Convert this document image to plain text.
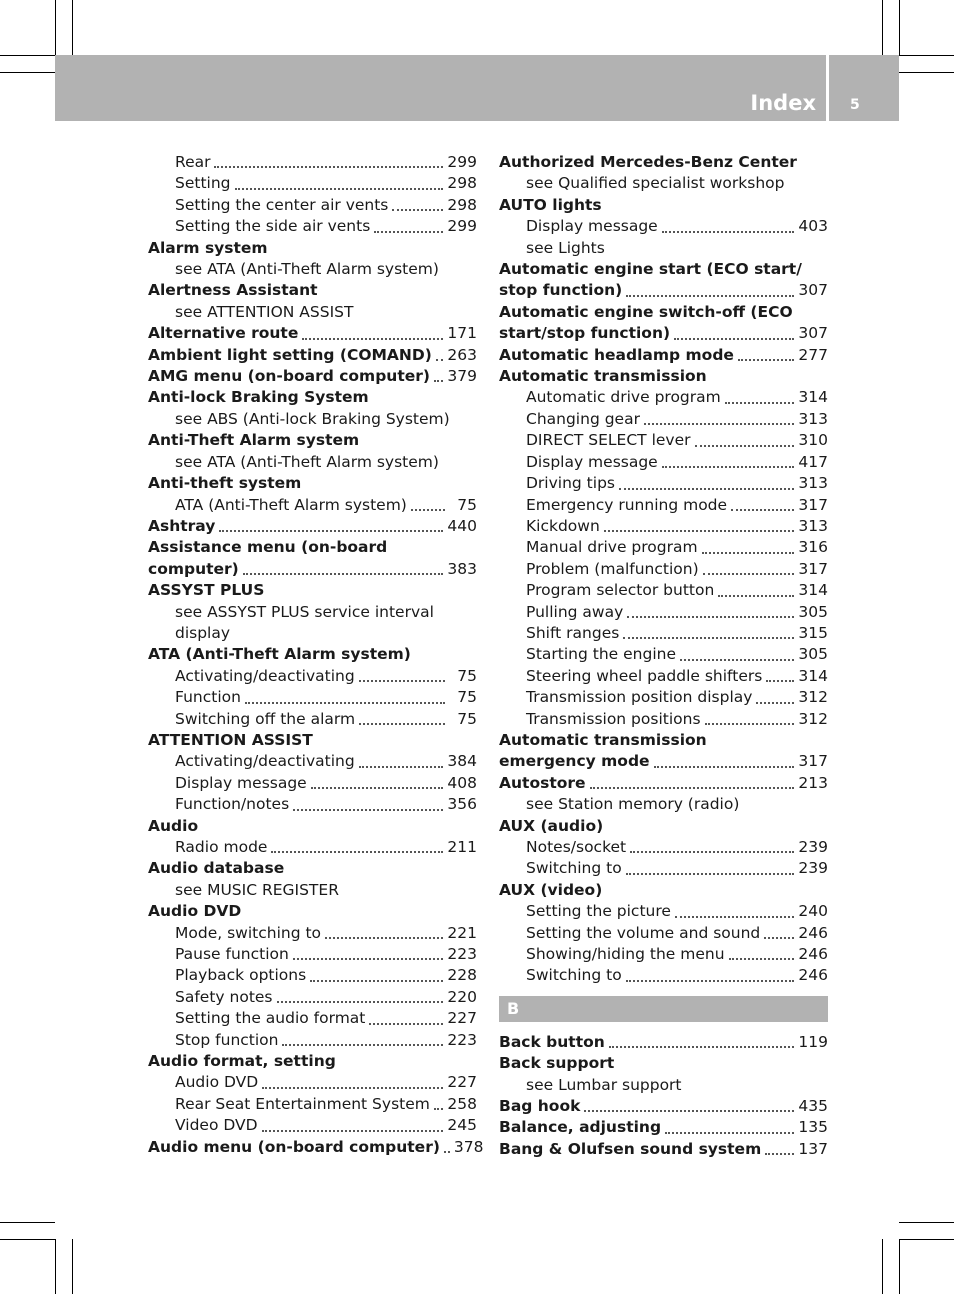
Index 5
Rear	299
Setting	298
Setting the center air vents	298
Setting the side air vents	299
Alarm system
see ATA (Anti-Theft Alarm system)
Alertness Assistant
see ATTENTION ASSIST
Alternative route	171
Ambient light setting (COMAND) 263
AMG menu (on-board computer) 379
Anti-lock Braking System
see ABS (Anti-lock Braking System)
Anti-Theft Alarm system
see ATA (Anti-Theft Alarm system)
Anti-theft system
ATA (Anti-Theft Alarm system)	75
Ashtray	440
Assistance menu (on-board
computer)	383
ASSYST PLUS
see ASSYST PLUS service interval
display
ATA (Anti-Theft Alarm system)
Activating/deactivating	75
Function	75
Switching off the alarm	75
ATTENTION ASSIST
Activating/deactivating	384
Display message	408
Function/notes	356
Audio
Radio mode	211
Audio database
see MUSIC REGISTER
Audio DVD
Mode, switching to	221
Pause function	223
Playback options	228
Safety notes	220
Setting the audio format	227
Stop function	223
Audio format, setting
Audio DVD	227
Rear Seat Entertainment System 258
Video DVD	245
Audio menu (on-board computer) 378
Authorized Mercedes-Benz Center
see Qualified specialist workshop
AUTO lights
Display message	403
see Lights
Automatic engine start (ECO start/
stop function)	307
Automatic engine switch-off (ECO
start/stop function)	307
Automatic headlamp mode	277
Automatic transmission
Automatic drive program	314
Changing gear	313
DIRECT SELECT lever	310
Display message	417
Driving tips	313
Emergency running mode	317
Kickdown	313
Manual drive program	316
Problem (malfunction)	317
Program selector button	314
Pulling away	305
Shift ranges	315
Starting the engine	305
Steering wheel paddle shifters 314
Transmission position display	312
Transmission positions	312
Automatic transmission
emergency mode	317
Autostore	213
see Station memory (radio)
AUX (audio)
Notes/socket	239
Switching to	239
AUX (video)
Setting the picture	240
Setting the volume and sound 246
Showing/hiding the menu	246
Switching to	246
B
Back button	119
Back support
see Lumbar support
Bag hook	435
Balance, adjusting	135
Bang & Olufsen sound system 137
